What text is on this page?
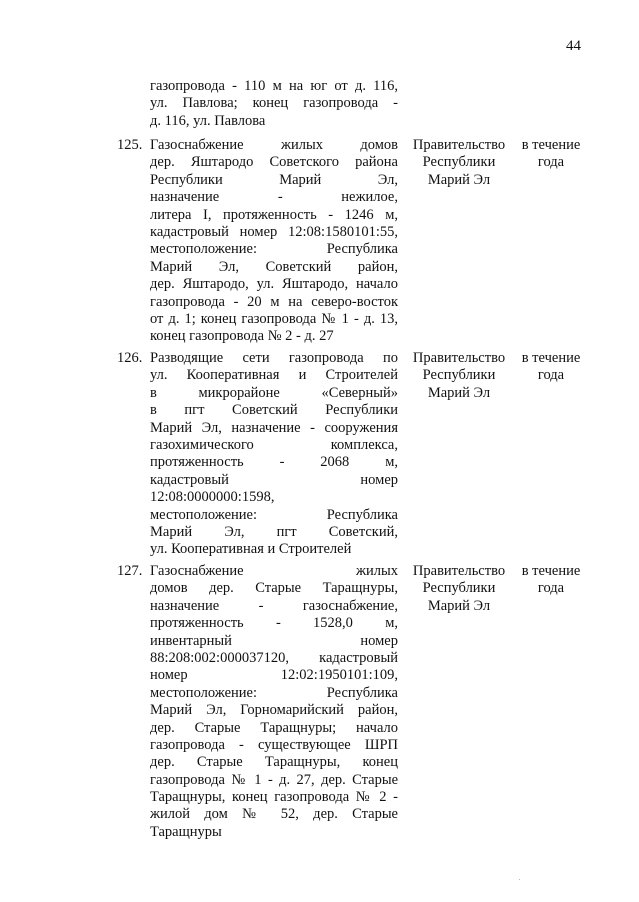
44
газопровода - 110 м на юг от д. 116,
ул. Павлова; конец газопровода -
д. 116, ул. Павлова
125. Газоснабжение жилых домов
дер. Яштародо Советского района
Республики Марий Эл,
назначение - нежилое,
литера I, протяженность - 1246 м,
кадастровый номер 12:08:1580101:55,
местоположение: Республика
Марий Эл, Советский район,
дер. Яштародо, ул. Яштародо, начало
газопровода - 20 м на северо-восток
от д. 1; конец газопровода № 1 - д. 13,
конец газопровода № 2 - д. 27
Правительство
Республики
Марий Эл
в течение
года
126. Разводящие сети газопровода по
ул. Кооперативная и Строителей
в микрорайоне «Северный»
в пгт Советский Республики
Марий Эл, назначение - сооружения
газохимического комплекса,
протяженность - 2068 м,
кадастровый номер
12:08:0000000:1598,
местоположение: Республика
Марий Эл, пгт Советский,
ул. Кооперативная и Строителей
Правительство
Республики
Марий Эл
в течение
года
127. Газоснабжение жилых
домов дер. Старые Таращнуры,
назначение - газоснабжение,
протяженность - 1528,0 м,
инвентарный номер
88:208:002:000037120, кадастровый
номер 12:02:1950101:109,
местоположение: Республика
Марий Эл, Горномарийский район,
дер. Старые Таращнуры; начало
газопровода - существующее ШРП
дер. Старые Таращнуры, конец
газопровода № 1 - д. 27, дер. Старые
Таращнуры, конец газопровода № 2 -
жилой дом № 52, дер. Старые
Таращнуры
Правительство
Республики
Марий Эл
в течение
года
